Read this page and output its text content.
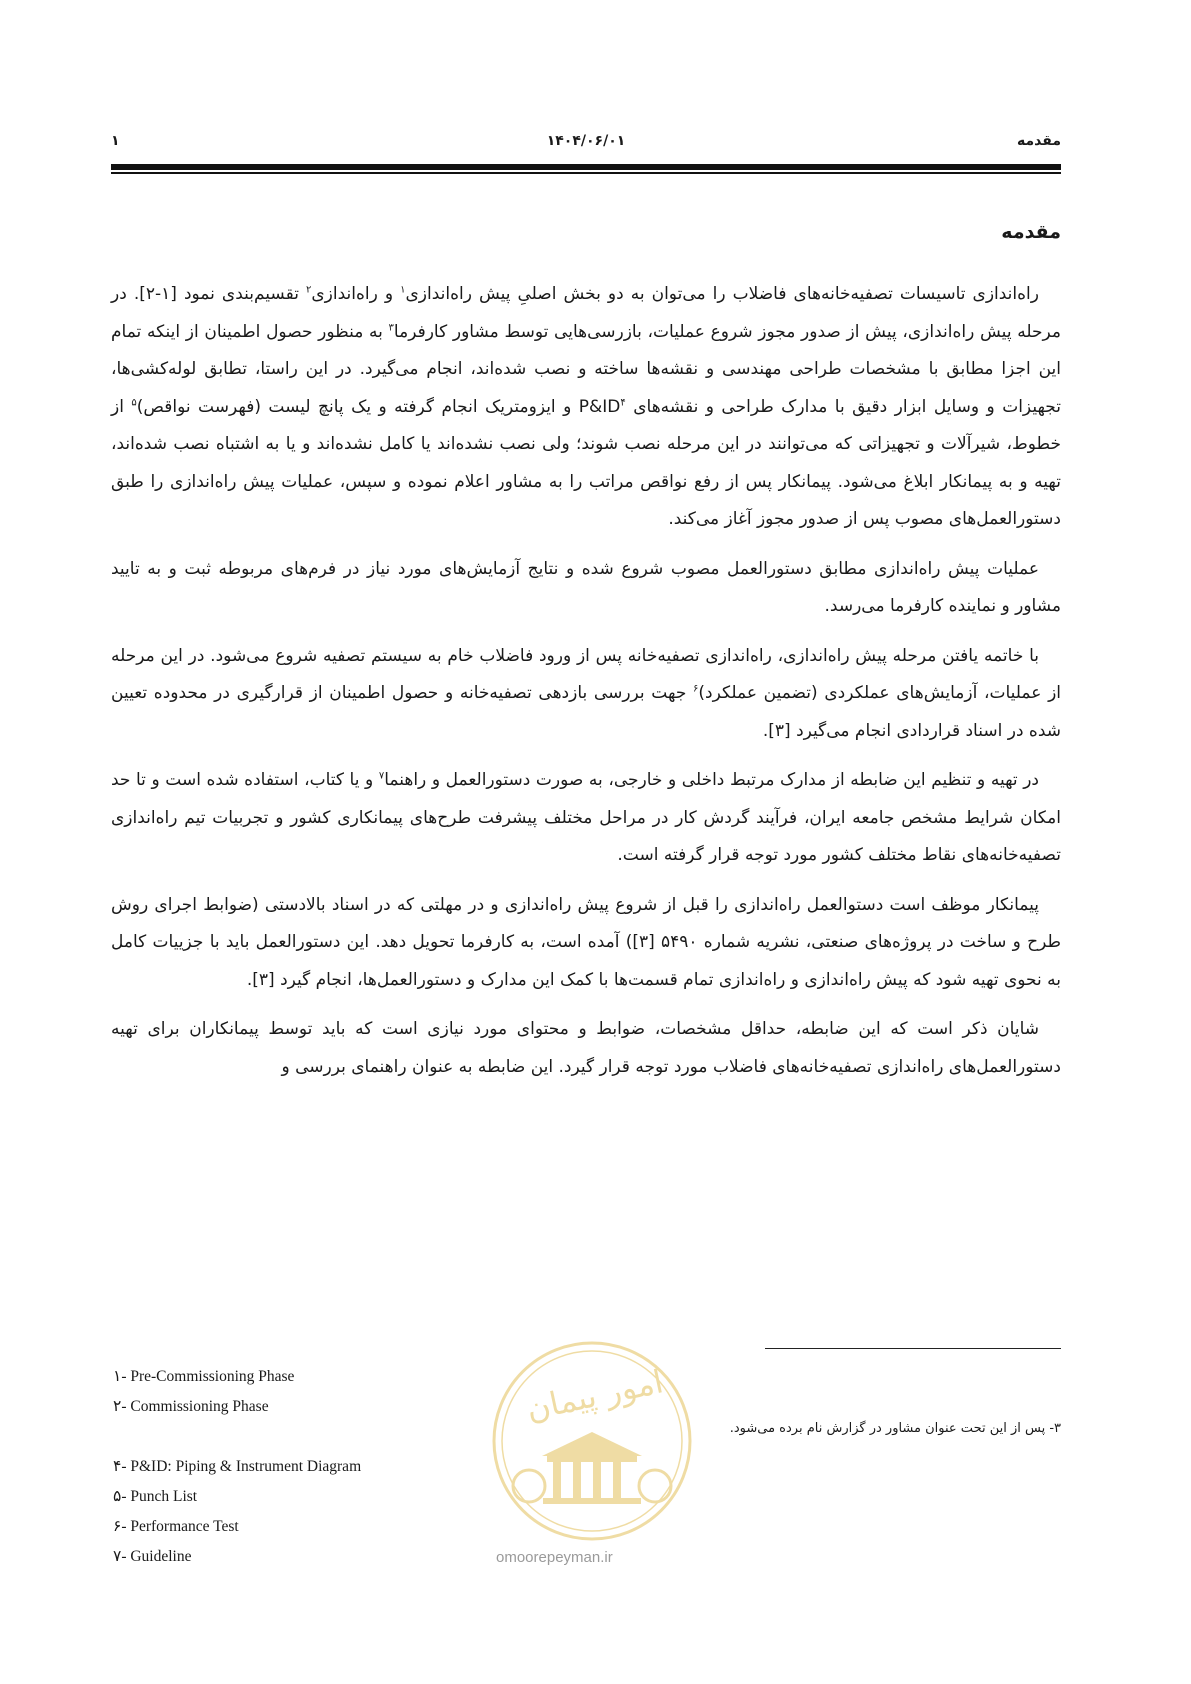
مقدمه
۱۴۰۴/۰۶/۰۱
۱
مقدمه

راه‌اندازی تاسیسات تصفیه‌خانه‌های فاضلاب را می‌توان به دو بخش اصلیِ پیش راه‌اندازی$^۱$ و راه‌اندازی$^۲$ تقسیم‌بندی نمود [۱-۲]. در مرحله پیش راه‌اندازی، پیش از صدور مجوز شروع عملیات، بازرسی‌هایی توسط مشاور کارفرما$^۳$ به منظور حصول اطمینان از اینکه تمام این اجزا مطابق با مشخصات طراحی مهندسی و نقشه‌ها ساخته و نصب شده‌اند، انجام می‌گیرد. در این راستا، تطابق لوله‌کشی‌ها، تجهیزات و وسایل ابزار دقیق با مدارک طراحی و نقشه‌های $P\&ID^۴$ و ایزومتریک انجام گرفته و یک پانچ لیست (فهرست نواقص)$^۵$ از خطوط، شیرآلات و تجهیزاتی که می‌توانند در این مرحله نصب شوند؛ ولی نصب نشده‌اند یا کامل نشده‌اند و یا به اشتباه نصب شده‌اند، تهیه و به پیمانکار ابلاغ می‌شود. پیمانکار پس از رفع نواقص مراتب را به مشاور اعلام نموده و سپس، عملیات پیش راه‌اندازی را طبق دستورالعمل‌های مصوب پس از صدور مجوز آغاز می‌کند.

عملیات پیش راه‌اندازی مطابق دستورالعمل مصوب شروع شده و نتایج آزمایش‌های مورد نیاز در فرم‌های مربوطه ثبت و به تایید مشاور و نماینده کارفرما می‌رسد.

با خاتمه یافتن مرحله پیش راه‌اندازی، راه‌اندازی تصفیه‌خانه پس از ورود فاضلاب خام به سیستم تصفیه شروع می‌شود. در این مرحله از عملیات، آزمایش‌های عملکردی (تضمین عملکرد)$^۶$ جهت بررسی بازدهی تصفیه‌خانه و حصول اطمینان از قرارگیری در محدوده تعیین شده در اسناد قراردادی انجام می‌گیرد [۳].

در تهیه و تنظیم این ضابطه از مدارک مرتبط داخلی و خارجی، به صورت دستورالعمل و راهنما$^۷$ و یا کتاب، استفاده شده است و تا حد امکان شرایط مشخص جامعه ایران، فرآیند گردش کار در مراحل مختلف پیشرفت طرح‌های پیمانکاری کشور و تجربیات تیم راه‌اندازی تصفیه‌خانه‌های نقاط مختلف کشور مورد توجه قرار گرفته است.

پیمانکار موظف است دستوالعمل راه‌اندازی را قبل از شروع پیش راه‌اندازی و در مهلتی که در اسناد بالادستی (ضوابط اجرای روش طرح و ساخت در پروژه‌های صنعتی، نشریه شماره ۵۴۹۰ [۳]) آمده است، به کارفرما تحویل دهد. این دستورالعمل باید با جزییات کامل به نحوی تهیه شود که پیش راه‌اندازی و راه‌اندازی تمام قسمت‌ها با کمک این مدارک و دستورالعمل‌ها، انجام گیرد [۳].

شایان ذکر است که این ضابطه، حداقل مشخصات، ضوابط و محتوای مورد نیازی است که باید توسط پیمانکاران برای تهیه دستورالعمل‌های راه‌اندازی تصفیه‌خانه‌های فاضلاب مورد توجه قرار گیرد. این ضابطه به عنوان راهنمای بررسی و

۱- Pre-Commissioning Phase
۲- Commissioning Phase
۴- P&ID: Piping & Instrument Diagram
۵- Punch List
۶- Performance Test
۷- Guideline
۳- پس از این تحت عنوان مشاور در گزارش نام برده می‌شود.
امور پیمان
omoorepeyman.ir
